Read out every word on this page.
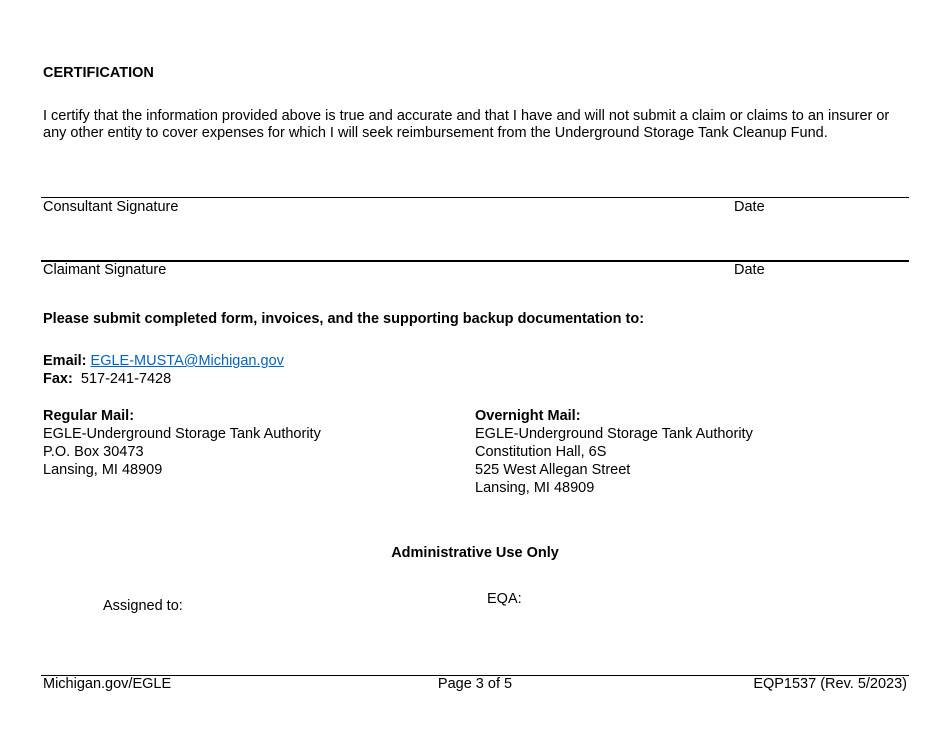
CERTIFICATION
I certify that the information provided above is true and accurate and that I have and will not submit a claim or claims to an insurer or
any other entity to cover expenses for which I will seek reimbursement from the Underground Storage Tank Cleanup Fund.
Consultant Signature	Date
Claimant Signature	Date
Please submit completed form, invoices, and the supporting backup documentation to:
Email: EGLE-MUSTA@Michigan.gov
Fax: 517-241-7428
Regular Mail:
EGLE-Underground Storage Tank Authority
P.O. Box 30473
Lansing, MI 48909
Overnight Mail:
EGLE-Underground Storage Tank Authority
Constitution Hall, 6S
525 West Allegan Street
Lansing, MI 48909
Administrative Use Only
Assigned to:	EQA:
Michigan.gov/EGLE	Page 3 of 5	EQP1537 (Rev. 5/2023)
